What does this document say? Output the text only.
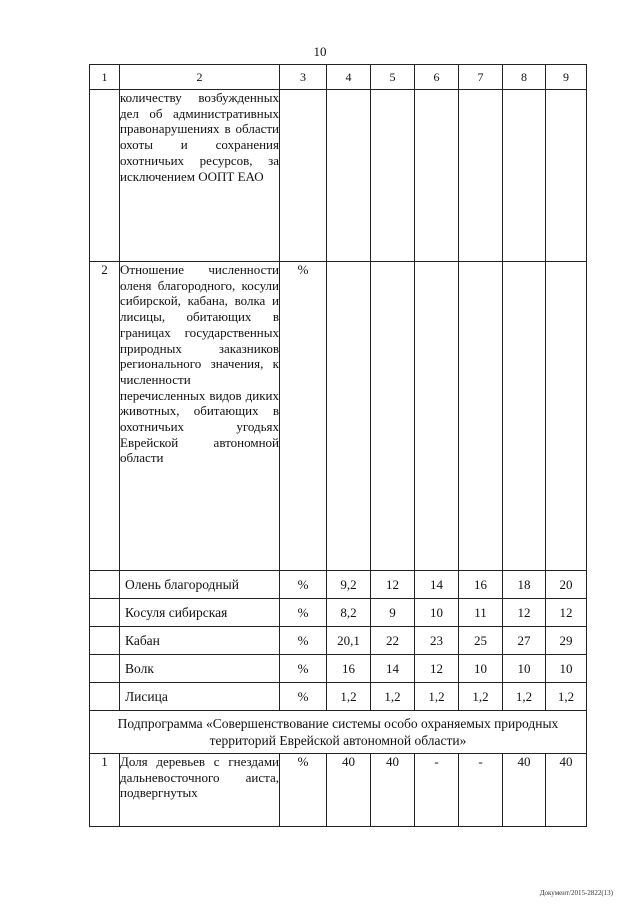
10
1	2	3	4	5	6	7	8	9
	количеству возбужденных дел об административных правонарушениях в области охоты и сохранения охотничьих ресурсов, за исключением ООПТ ЕАО							
2	Отношение численности оленя благородного, косули сибирской, кабана, волка и лисицы, обитающих в границах государственных природных заказников регионального значения, к численности перечисленных видов диких животных, обитающих в охотничьих угодьях Еврейской автономной области	%						
	Олень благородный	%	9,2	12	14	16	18	20
	Косуля сибирская	%	8,2	9	10	11	12	12
	Кабан	%	20,1	22	23	25	27	29
	Волк	%	16	14	12	10	10	10
	Лисица	%	1,2	1,2	1,2	1,2	1,2	1,2
Подпрограмма «Совершенствование системы особо охраняемых природных территорий Еврейской автономной области»								
1	Доля деревьев с гнездами дальневосточного аиста, подвергнутых	%	40	40	-	-	40	40
Документ/2015-2822(13)
